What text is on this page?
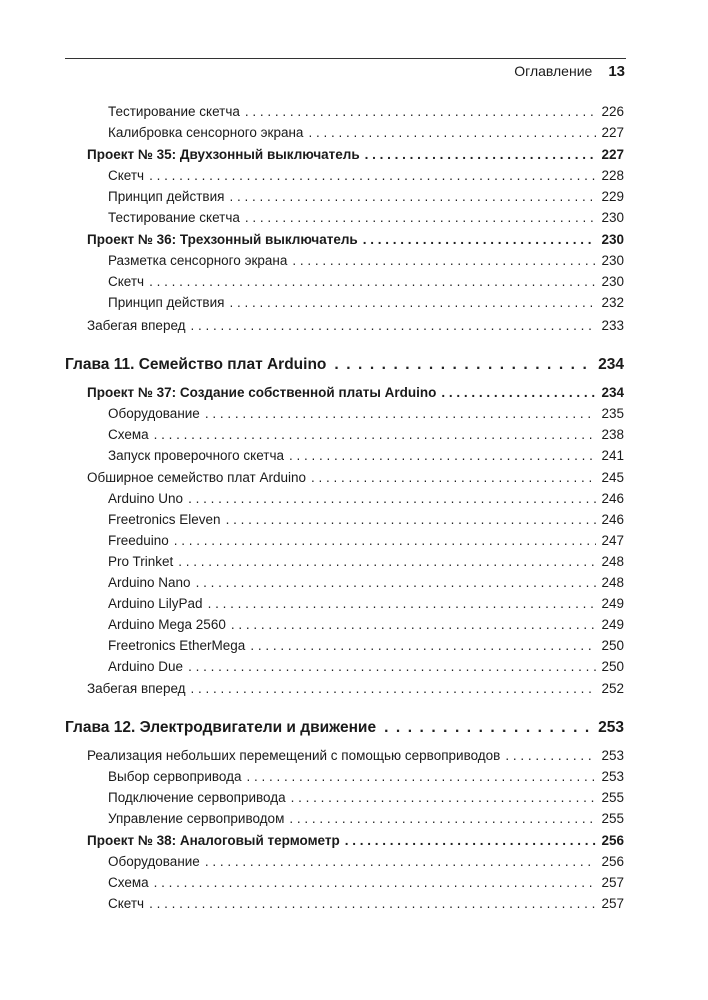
Оглавление 13
Тестирование скетча . . .	226
Калибровка сенсорного экрана . . .	227
Проект № 35: Двухзонный выключатель . . .	227
Скетч . . .	228
Принцип действия . . .	229
Тестирование скетча . . .	230
Проект № 36: Трехзонный выключатель . . .	230
Разметка сенсорного экрана . . .	230
Скетч . . .	230
Принцип действия . . .	232
Забегая вперед . . .	233
Глава 11. Семейство плат Arduino . . .	234
Проект № 37: Создание собственной платы Arduino . . .	234
Оборудование . . .	235
Схема . . .	238
Запуск проверочного скетча . . .	241
Обширное семейство плат Arduino . . .	245
Arduino Uno . . .	246
Freetronics Eleven . . .	246
Freeduino . . .	247
Pro Trinket . . .	248
Arduino Nano . . .	248
Arduino LilyPad . . .	249
Arduino Mega 2560 . . .	249
Freetronics EtherMega . . .	250
Arduino Due . . .	250
Забегая вперед . . .	252
Глава 12. Электродвигатели и движение . . .	253
Реализация небольших перемещений с помощью сервоприводов . . .	253
Выбор сервопривода . . .	253
Подключение сервопривода . . .	255
Управление сервоприводом . . .	255
Проект № 38: Аналоговый термометр . . .	256
Оборудование . . .	256
Схема . . .	257
Скетч . . .	257
